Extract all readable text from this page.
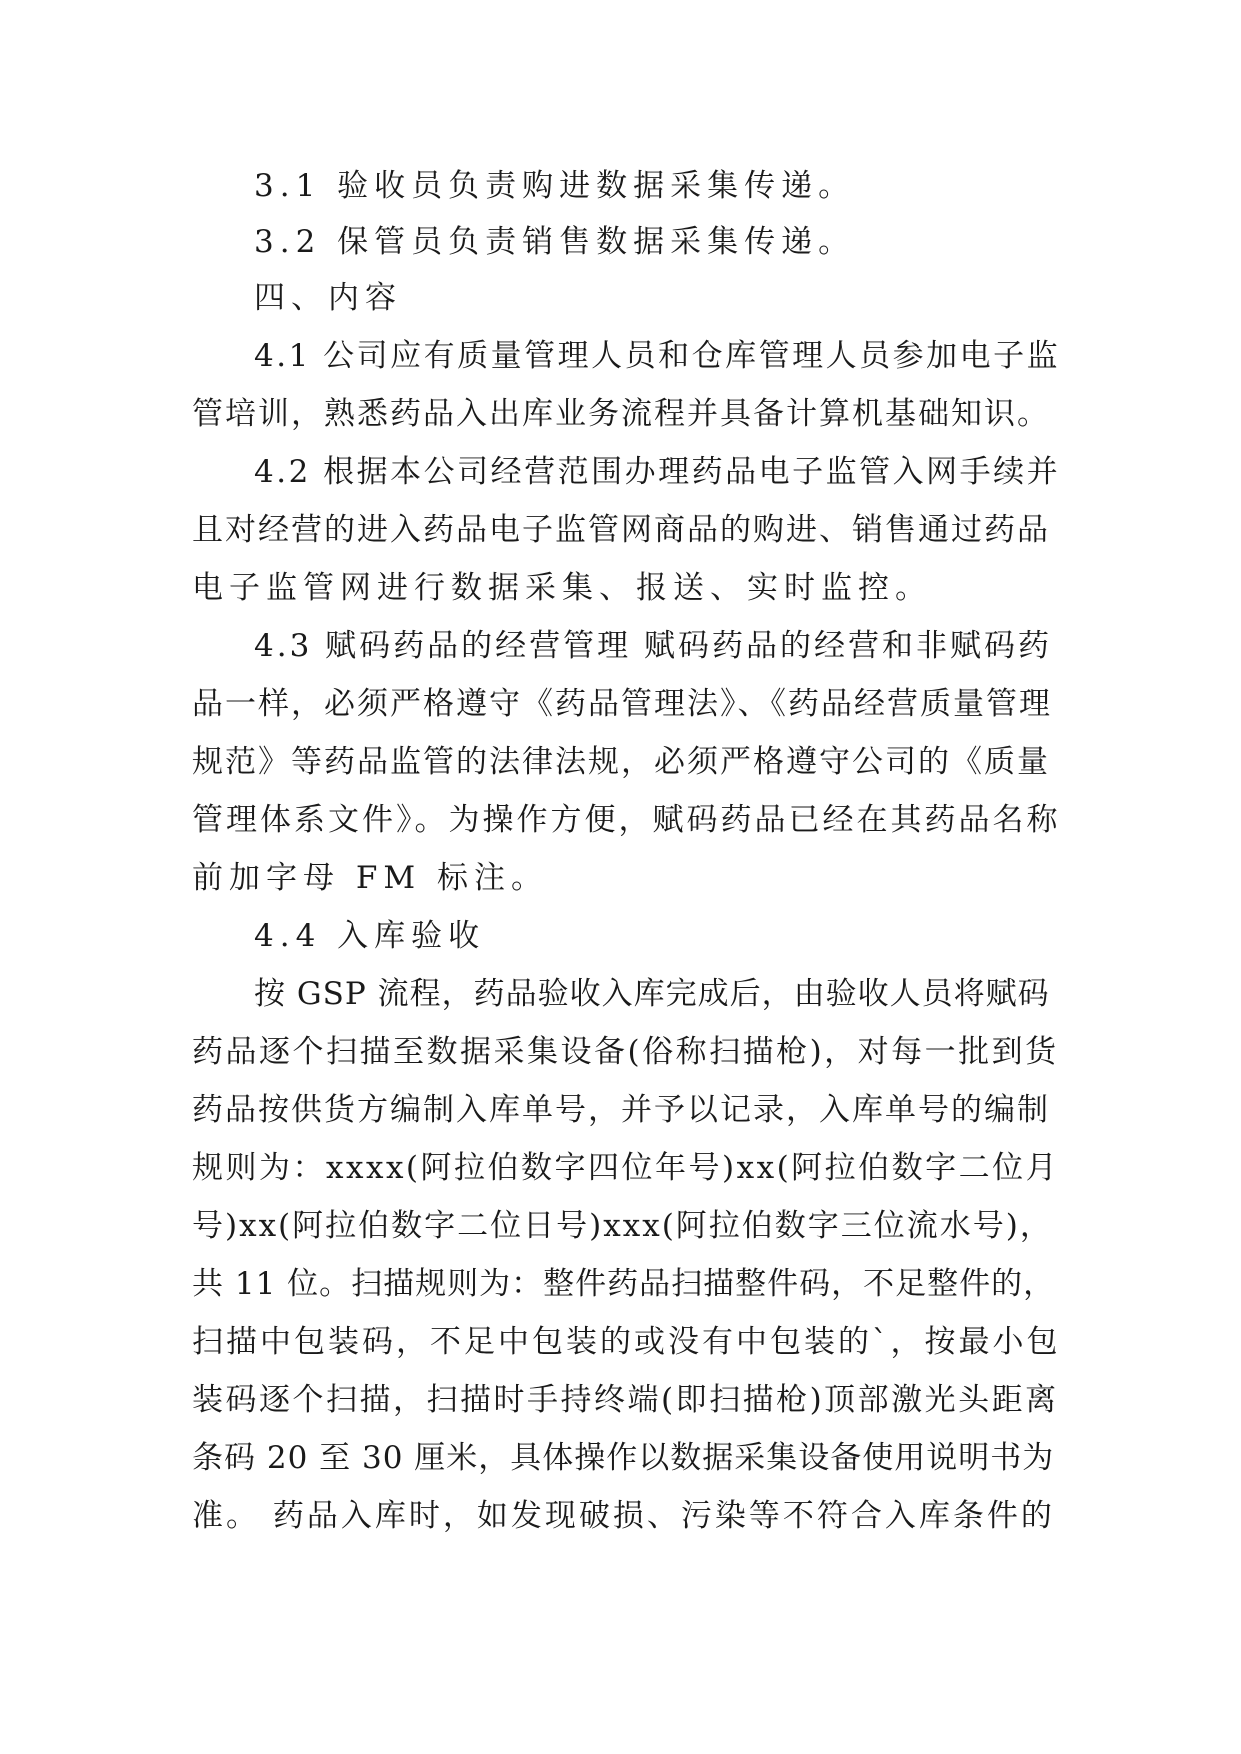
3.1 验收员负责购进数据采集传递。
3.2 保管员负责销售数据采集传递。
四、内容
4.1 公司应有质量管理人员和仓库管理人员参加电子监
管培训，熟悉药品入出库业务流程并具备计算机基础知识。
4.2 根据本公司经营范围办理药品电子监管入网手续并
且对经营的进入药品电子监管网商品的购进、销售通过药品
电子监管网进行数据采集、报送、实时监控。
4.3 赋码药品的经营管理 赋码药品的经营和非赋码药
品一样，必须严格遵守《药品管理法》、《药品经营质量管理
规范》等药品监管的法律法规，必须严格遵守公司的《质量
管理体系文件》。为操作方便，赋码药品已经在其药品名称
前加字母 FM 标注。
4.4 入库验收
按 GSP 流程，药品验收入库完成后，由验收人员将赋码
药品逐个扫描至数据采集设备(俗称扫描枪)，对每一批到货
药品按供货方编制入库单号，并予以记录，入库单号的编制
规则为：xxxx(阿拉伯数字四位年号)xx(阿拉伯数字二位月
号)xx(阿拉伯数字二位日号)xxx(阿拉伯数字三位流水号)，
共 11 位。扫描规则为：整件药品扫描整件码，不足整件的，
扫描中包装码，不足中包装的或没有中包装的`，按最小包
装码逐个扫描，扫描时手持终端(即扫描枪)顶部激光头距离
条码 20 至 30 厘米，具体操作以数据采集设备使用说明书为
准。 药品入库时，如发现破损、污染等不符合入库条件的
